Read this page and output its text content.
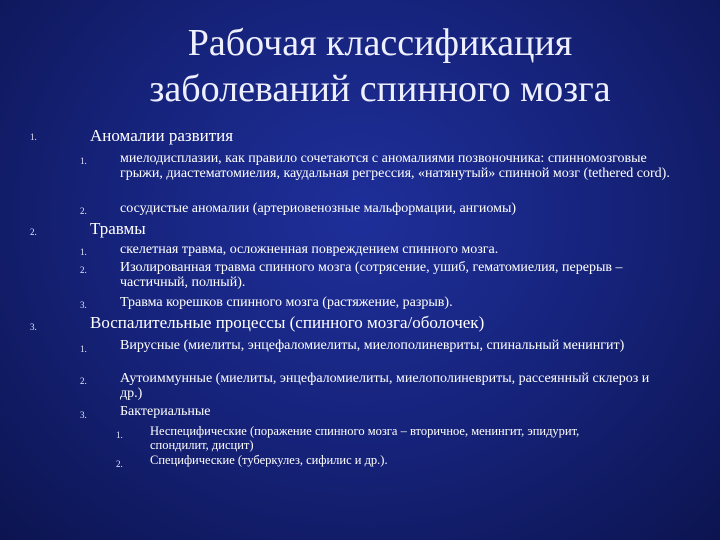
Рабочая классификация
заболеваний спинного мозга
1.	Аномалии развития
1. миелодисплазии, как правило сочетаются с аномалиями позвоночника: спинномозговые грыжи, диастематомиелия, каудальная регрессия, «натянутый» спинной мозг (tethered cord).
2. сосудистые аномалии (артериовенозные мальформации, ангиомы)
2.	Травмы
1. скелетная травма, осложненная повреждением спинного мозга.
2. Изолированная травма спинного мозга (сотрясение, ушиб, гематомиелия, перерыв – частичный, полный).
3. Травма корешков спинного мозга (растяжение, разрыв).
3.	Воспалительные процессы (спинного мозга/оболочек)
1. Вирусные (миелиты, энцефаломиелиты, миелополиневриты, спинальный менингит)
2. Аутоиммунные (миелиты, энцефаломиелиты, миелополиневриты, рассеянный склероз и др.)
3. Бактериальные
1. Неспецифические (поражение спинного мозга – вторичное, менингит, эпидурит, спондилит, дисцит)
2. Специфические (туберкулез, сифилис и др.).
